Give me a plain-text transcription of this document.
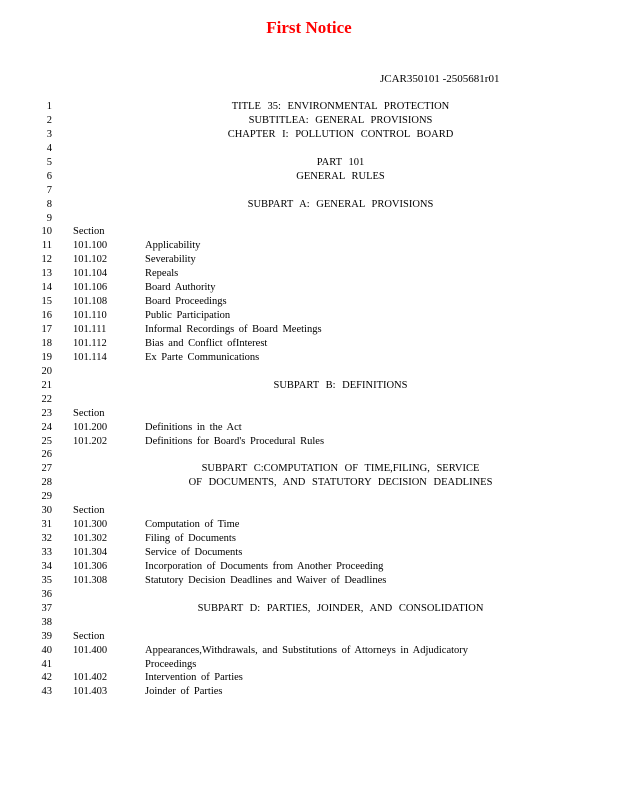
First Notice
JCAR350101 -2505681r01
1	TITLE 35: ENVIRONMENTAL PROTECTION
2	SUBTITLEA: GENERAL PROVISIONS
3	CHAPTER I: POLLUTION CONTROL BOARD
4
5	PART 101
6	GENERAL RULES
7
8	SUBPART A: GENERAL PROVISIONS
9
10 Section
11 101.100	Applicability
12 101.102	Severability
13 101.104	Repeals
14 101.106	Board Authority
15 101.108	Board Proceedings
16 101.110	Public Participation
17 101.111	Informal Recordings of Board Meetings
18 101.112	Bias and Conflict ofInterest
19 101.114	Ex Parte Communications
20
21	SUBPART B: DEFINITIONS
22
23 Section
24 101.200	Definitions in the Act
25 101.202	Definitions for Board's Procedural Rules
26
27	SUBPART C:COMPUTATION OF TIME,FILING, SERVICE
28	OF DOCUMENTS, AND STATUTORY DECISION DEADLINES
29
30 Section
31 101.300	Computation of Time
32 101.302	Filing of Documents
33 101.304	Service of Documents
34 101.306	Incorporation of Documents from Another Proceeding
35 101.308	Statutory Decision Deadlines and Waiver of Deadlines
36
37	SUBPART D: PARTIES, JOINDER, AND CONSOLIDATION
38
39 Section
40 101.400	Appearances,Withdrawals, and Substitutions of Attorneys in Adjudicatory
41	Proceedings
42 101.402	Intervention of Parties
43 101.403	Joinder of Parties
